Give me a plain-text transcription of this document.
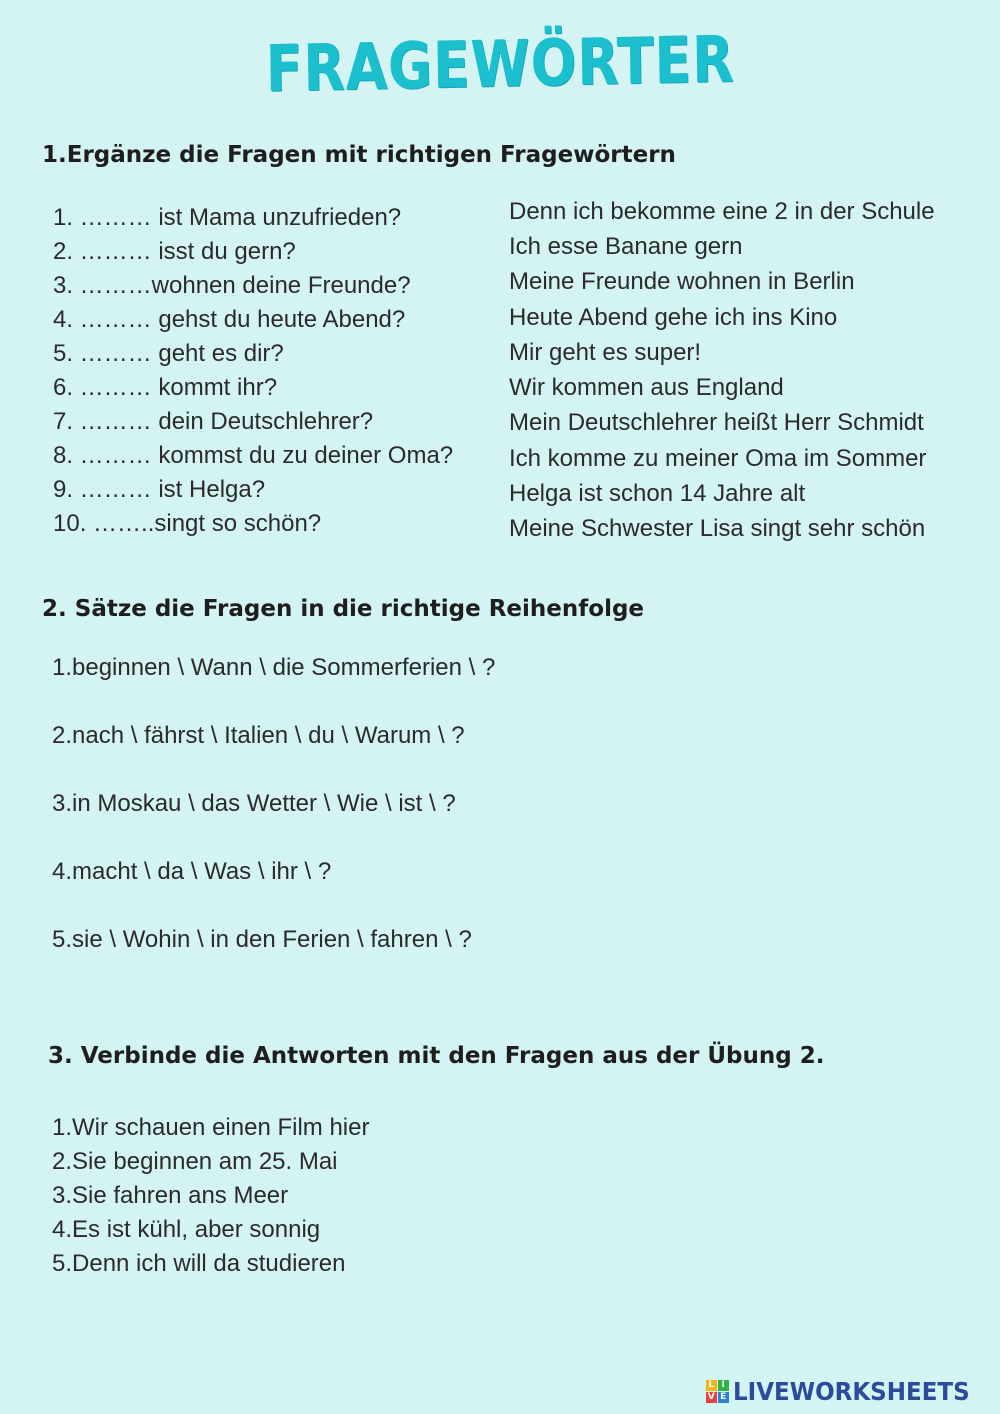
FRAGEWÖRTER
1.Ergänze die Fragen mit richtigen Fragewörtern
1. ……… ist Mama unzufrieden?
2. ……… isst du gern?
3. ………wohnen deine Freunde?
4. ……… gehst du heute Abend?
5. ……… geht es dir?
6. ……… kommt ihr?
7. ……… dein Deutschlehrer?
8. ……… kommst du zu deiner Oma?
9. ……… ist Helga?
10. ……..singt so schön?
Denn ich bekomme eine 2 in der Schule
Ich esse Banane gern
Meine Freunde wohnen in Berlin
Heute Abend gehe ich ins Kino
Mir geht es super!
Wir kommen aus England
Mein Deutschlehrer heißt Herr Schmidt
Ich komme zu meiner Oma im Sommer
Helga ist schon 14 Jahre alt
Meine Schwester Lisa singt sehr schön
2. Sätze die Fragen in die richtige Reihenfolge
1.beginnen \ Wann \ die Sommerferien \ ?
2.nach \ fährst \ Italien \ du \ Warum \ ?
3.in Moskau \ das Wetter \ Wie \ ist \ ?
4.macht \ da \ Was \ ihr \ ?
5.sie \ Wohin \ in den Ferien \ fahren \ ?
3. Verbinde die Antworten mit den Fragen aus der Übung 2.
1.Wir schauen einen Film hier
2.Sie beginnen am 25. Mai
3.Sie fahren ans Meer
4.Es ist kühl, aber sonnig
5.Denn ich will da studieren
L I
V E LIVEWORKSHEETS
